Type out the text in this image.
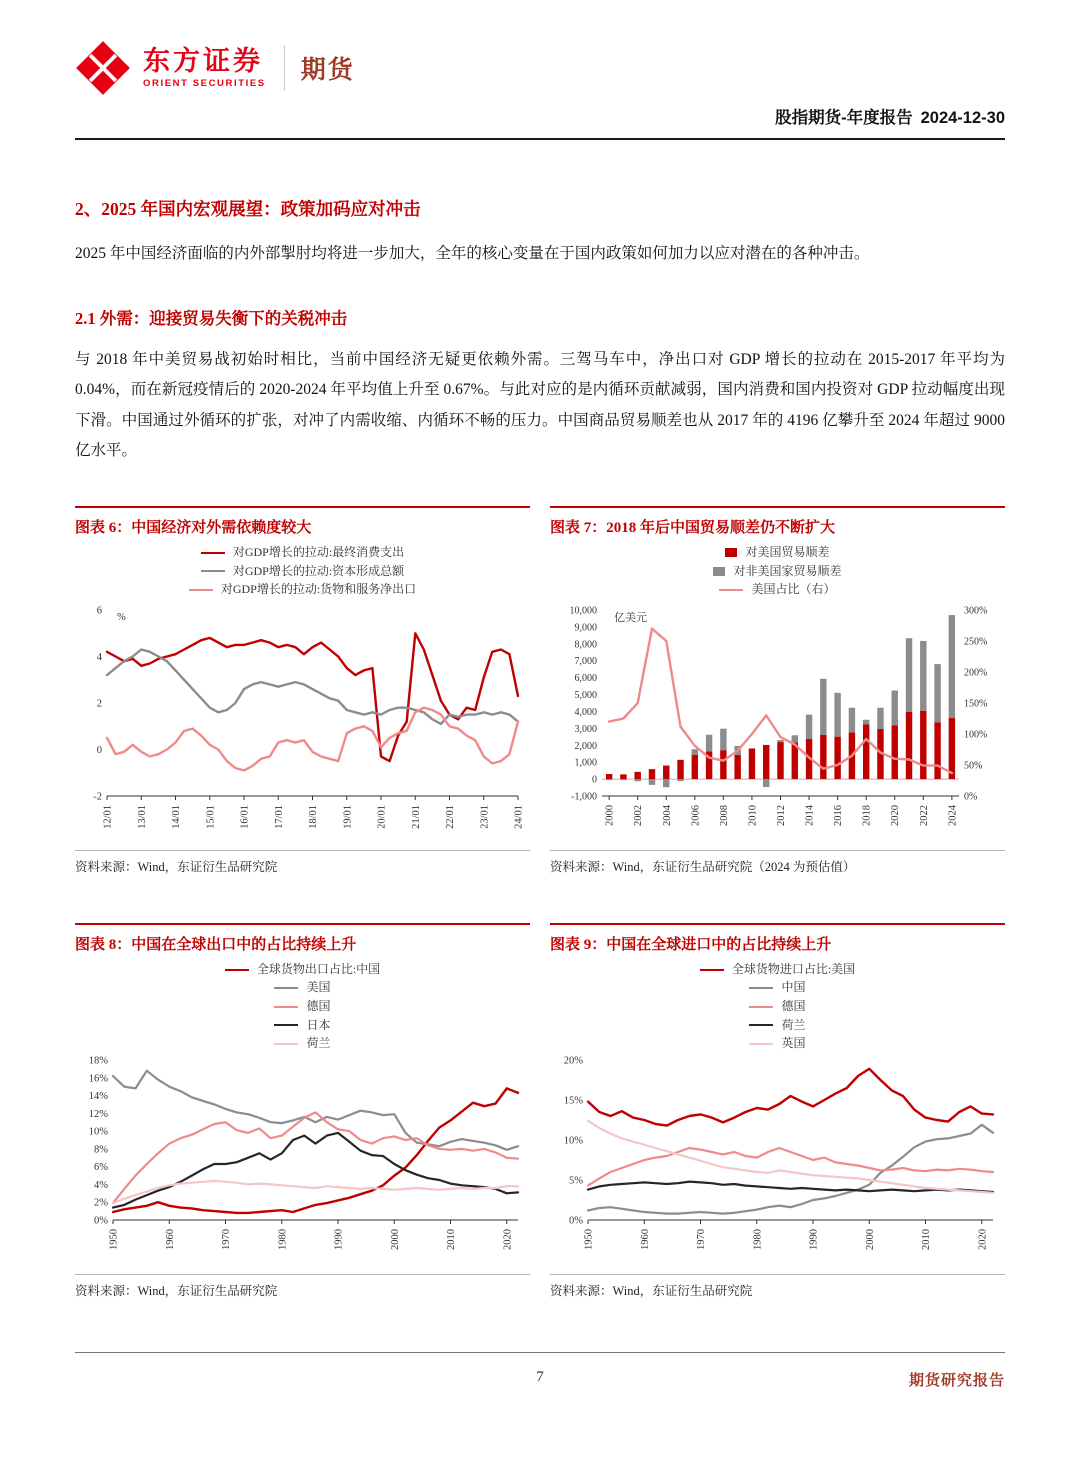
东方证券
ORIENT SECURITIES 期货
股指期货-年度报告 2024-12-30
2、2025 年国内宏观展望：政策加码应对冲击

2025 年中国经济面临的内外部掣肘均将进一步加大，全年的核心变量在于国内政策如何加力以应对潜在的各种冲击。

2.1 外需：迎接贸易失衡下的关税冲击

与 2018 年中美贸易战初始时相比，当前中国经济无疑更依赖外需。三驾马车中，净出口对 GDP 增长的拉动在 2015-2017 年平均为 0.04%，而在新冠疫情后的 2020-2024 年平均值上升至 0.67%。与此对应的是内循环贡献减弱，国内消费和国内投资对 GDP 拉动幅度出现下滑。中国通过外循环的扩张，对冲了内需收缩、内循环不畅的压力。中国商品贸易顺差也从 2017 年的 4196 亿攀升至 2024 年超过 9000 亿水平。

图表 6：中国经济对外需依赖度较大
对GDP增长的拉动:最终消费支出
对GDP增长的拉动:资本形成总额
对GDP增长的拉动:货物和服务净出口
-2
0
2
4
6
%
12/01 13/01 14/01 15/01 16/01 17/01 18/01 19/01 20/01 21/01 22/01 23/01 24/01
资料来源：Wind，东证衍生品研究院
图表 7：2018 年后中国贸易顺差仍不断扩大
对美国贸易顺差
对非美国家贸易顺差
美国占比（右）
-1,000
0
1,000
2,000
3,000
4,000
5,000
6,000
7,000
8,000
9,000
10,000
0%
50%
100%
150%
200%
250%
300%
亿美元
2000 2002 2004 2006 2008 2010 2012 2014 2016 2018 2020 2022 2024
资料来源：Wind，东证衍生品研究院（2024 为预估值）
图表 8：中国在全球出口中的占比持续上升
全球货物出口占比:中国
美国
德国
日本
荷兰
0%
2%
4%
6%
8%
10%
12%
14%
16%
18%
1950	1960	1970	1980	1990	2000	2010	2020
资料来源：Wind，东证衍生品研究院
图表 9：中国在全球进口中的占比持续上升
全球货物进口占比:美国
中国
德国
荷兰
英国
0%
5%
10%
15%
20%
1950	1960	1970	1980	1990	2000	2010	2020
资料来源：Wind，东证衍生品研究院
7	期货研究报告
